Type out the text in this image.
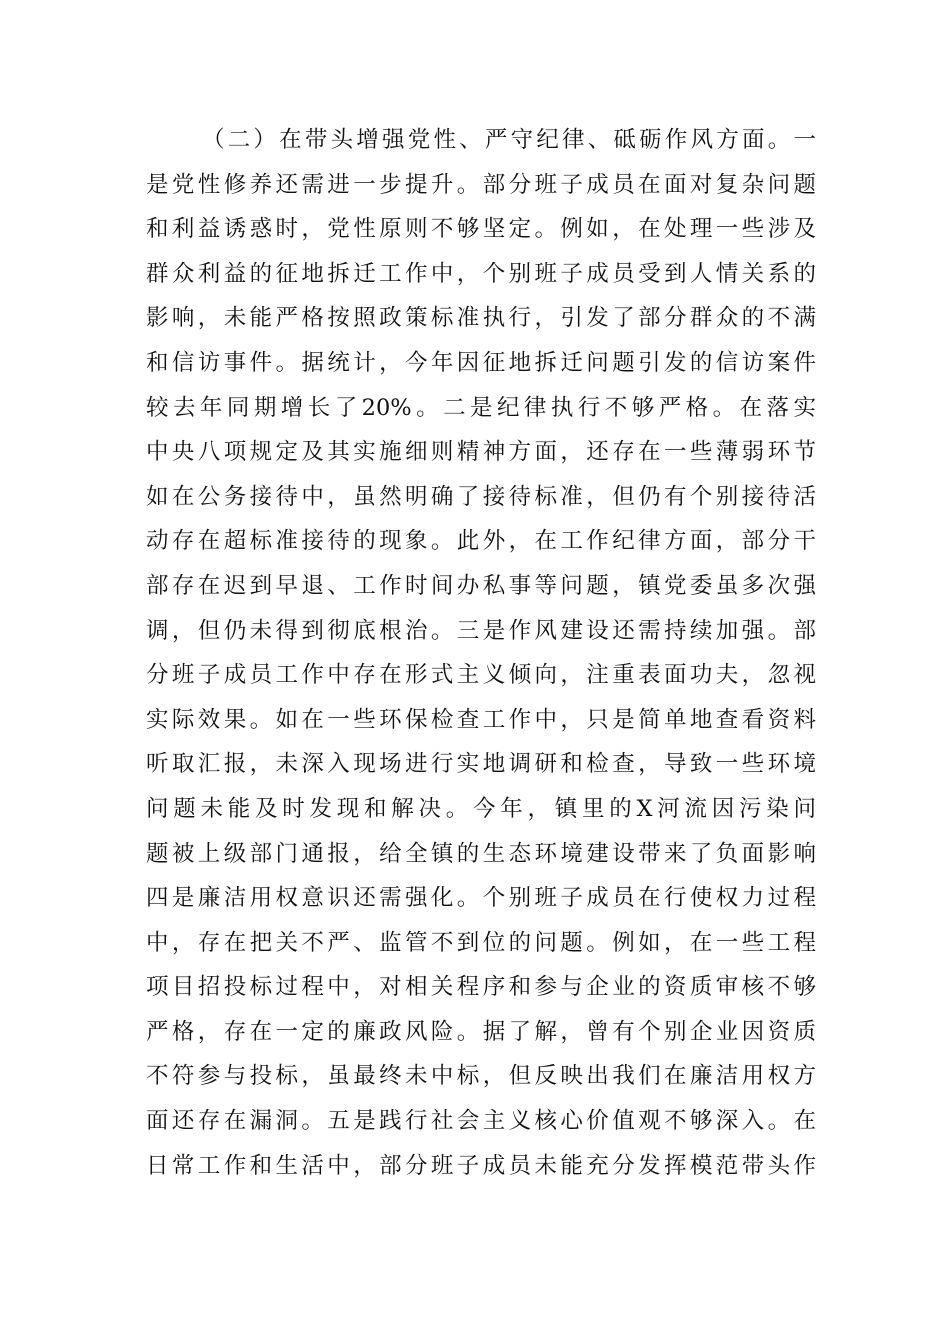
（二）在带头增强党性、严守纪律、砥砺作风方面。一
是党性修养还需进一步提升。部分班子成员在面对复杂问题
和利益诱惑时，党性原则不够坚定。例如，在处理一些涉及
群众利益的征地拆迁工作中，个别班子成员受到人情关系的
影响，未能严格按照政策标准执行，引发了部分群众的不满
和信访事件。据统计，今年因征地拆迁问题引发的信访案件
较去年同期增长了20%。二是纪律执行不够严格。在落实
中央八项规定及其实施细则精神方面，还存在一些薄弱环节
如在公务接待中，虽然明确了接待标准，但仍有个别接待活
动存在超标准接待的现象。此外，在工作纪律方面，部分干
部存在迟到早退、工作时间办私事等问题，镇党委虽多次强
调，但仍未得到彻底根治。三是作风建设还需持续加强。部
分班子成员工作中存在形式主义倾向，注重表面功夫，忽视
实际效果。如在一些环保检查工作中，只是简单地查看资料
听取汇报，未深入现场进行实地调研和检查，导致一些环境
问题未能及时发现和解决。今年，镇里的X河流因污染问
题被上级部门通报，给全镇的生态环境建设带来了负面影响
四是廉洁用权意识还需强化。个别班子成员在行使权力过程
中，存在把关不严、监管不到位的问题。例如，在一些工程
项目招投标过程中，对相关程序和参与企业的资质审核不够
严格，存在一定的廉政风险。据了解，曾有个别企业因资质
不符参与投标，虽最终未中标，但反映出我们在廉洁用权方
面还存在漏洞。五是践行社会主义核心价值观不够深入。在
日常工作和生活中，部分班子成员未能充分发挥模范带头作
